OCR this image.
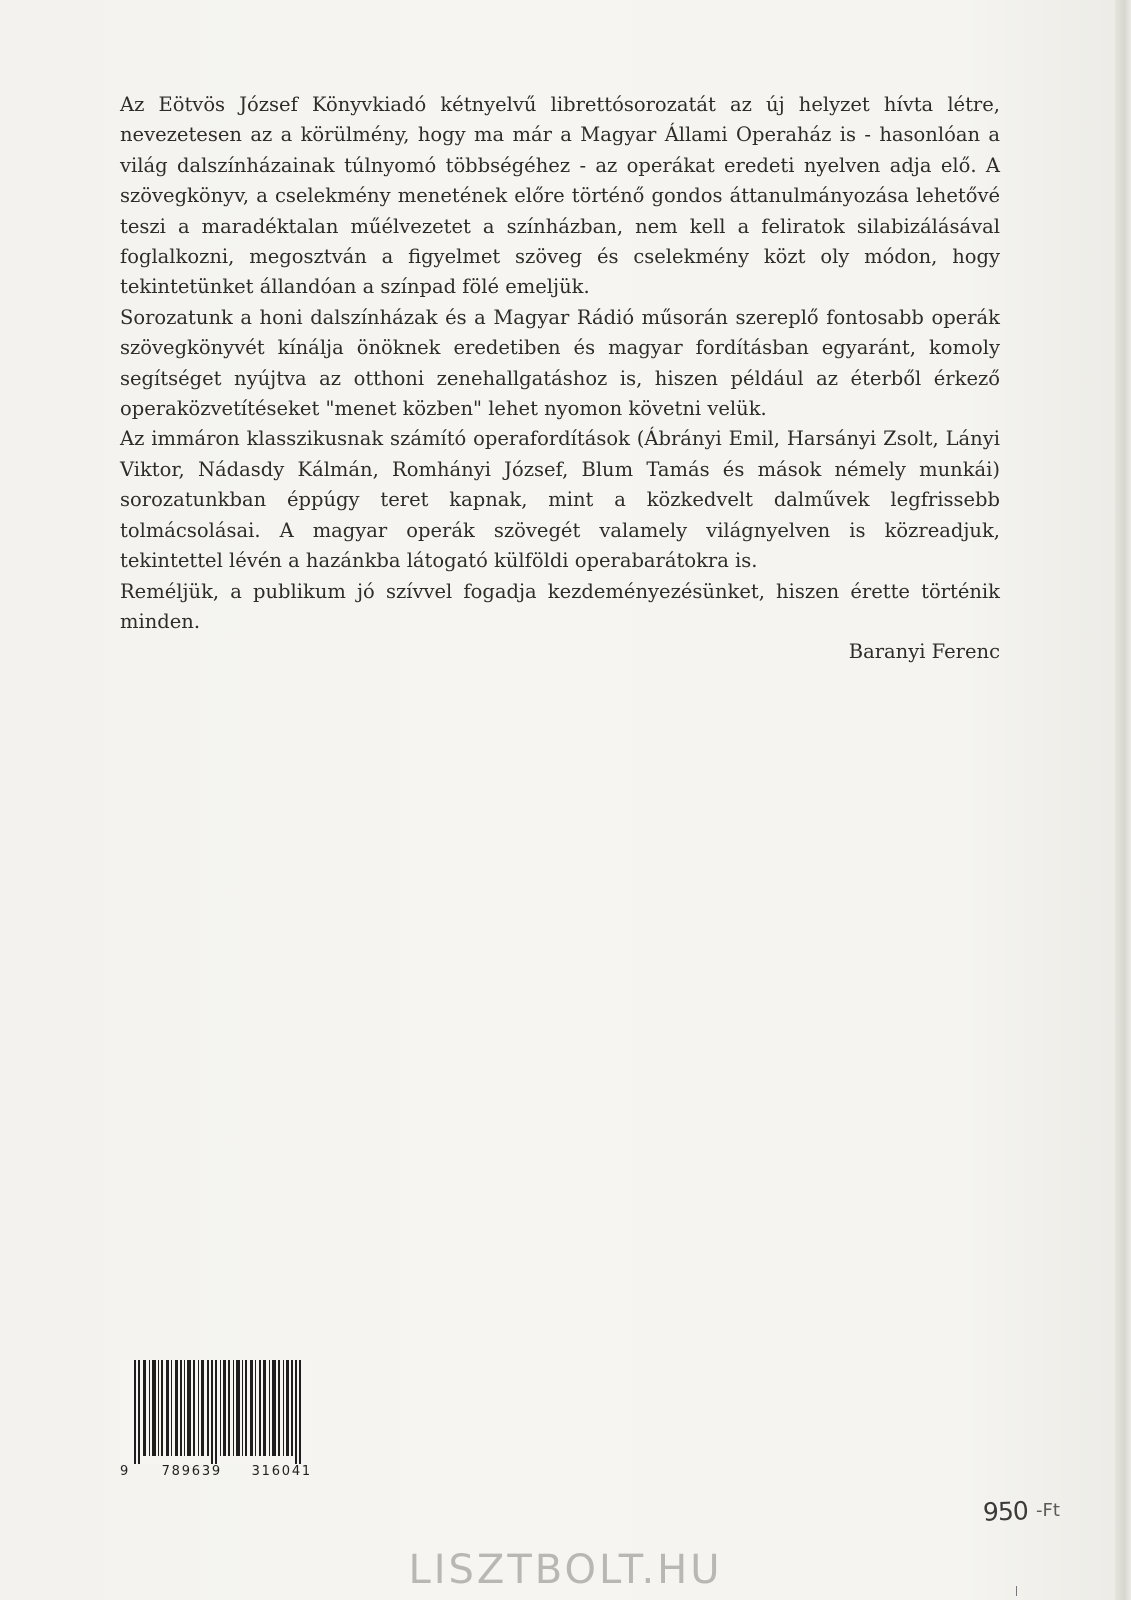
Az Eötvös József Könyvkiadó kétnyelvű librettósorozatát az új helyzet hívta létre, nevezetesen az a körülmény, hogy ma már a Magyar Állami Operaház is - hasonlóan a világ dalszínházainak túlnyomó többségéhez - az operákat eredeti nyelven adja elő. A szövegkönyv, a cselekmény menetének előre történő gondos áttanulmányozása lehetővé teszi a maradéktalan műélvezetet a színházban, nem kell a feliratok silabizálásával foglalkozni, megosztván a figyelmet szöveg és cselekmény közt oly módon, hogy tekintetünket állandóan a színpad fölé emeljük.

Sorozatunk a honi dalszínházak és a Magyar Rádió műsorán szereplő fontosabb operák szövegkönyvét kínálja önöknek eredetiben és magyar fordításban egyaránt, komoly segítséget nyújtva az otthoni zenehallgatáshoz is, hiszen például az éterből érkező operaközvetítéseket "menet közben" lehet nyomon követni velük.

Az immáron klasszikusnak számító operafordítások (Ábrányi Emil, Harsányi Zsolt, Lányi Viktor, Nádasdy Kálmán, Romhányi József, Blum Tamás és mások némely munkái) sorozatunkban éppúgy teret kapnak, mint a közkedvelt dalművek legfrissebb tolmácsolásai. A magyar operák szövegét valamely világnyelven is közreadjuk, tekintettel lévén a hazánkba látogató külföldi operabarátokra is.

Reméljük, a publikum jó szívvel fogadja kezdeményezésünket, hiszen érette történik minden.

Baranyi Ferenc

9	789639 316041
950 -Ft
LISZTBOLT.HU
